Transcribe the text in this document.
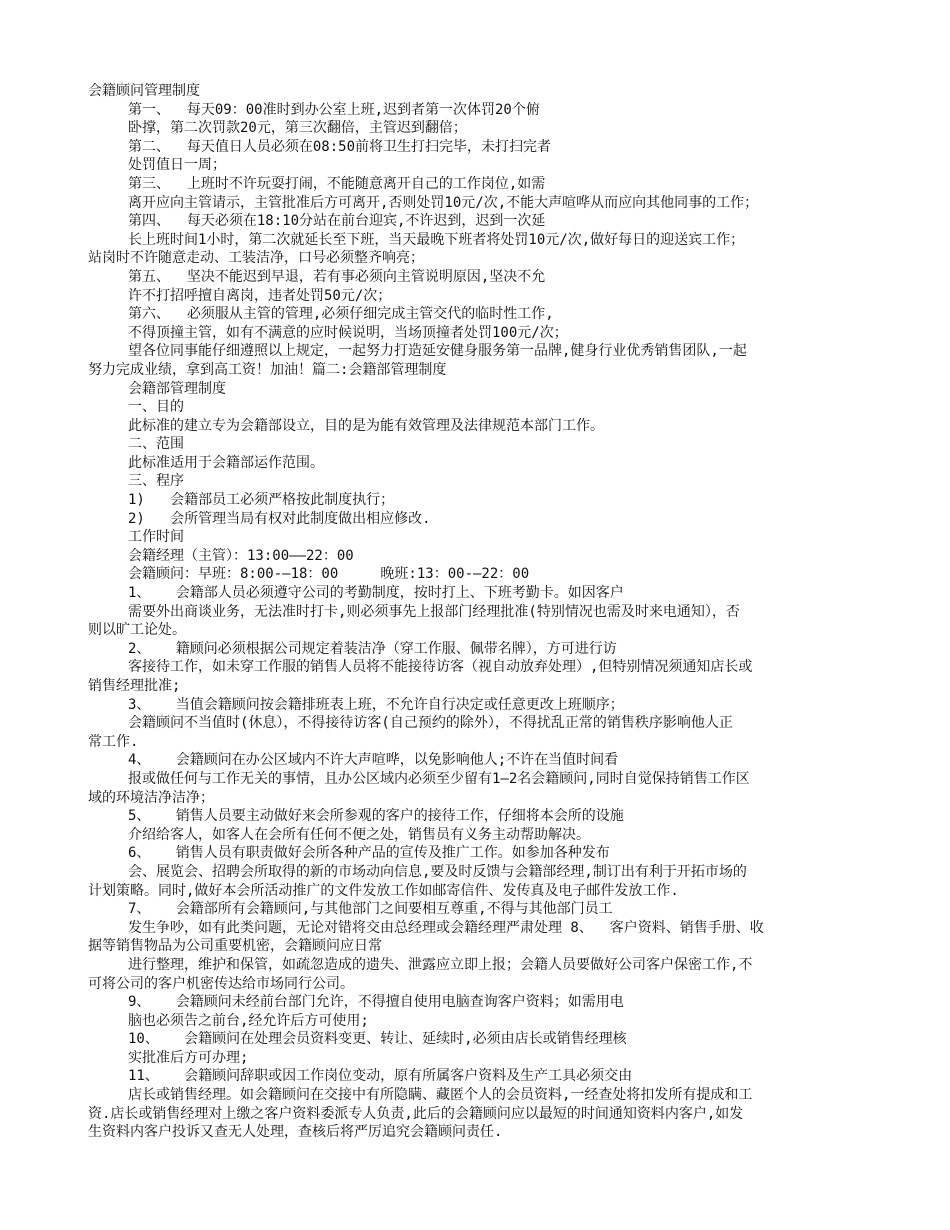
会籍顾问管理制度
第一、  每天09：00准时到办公室上班,迟到者第一次体罚20个俯
卧撑，第二次罚款20元，第三次翻倍，主管迟到翻倍；
第二、  每天值日人员必须在08:50前将卫生打扫完毕，未打扫完者
处罚值日一周；
第三、  上班时不许玩耍打闹，不能随意离开自己的工作岗位,如需
离开应向主管请示，主管批准后方可离开,否则处罚10元/次,不能大声喧哗从而应向其他同事的工作；
第四、  每天必须在18:10分站在前台迎宾,不许迟到，迟到一次延
长上班时间1小时，第二次就延长至下班，当天最晚下班者将处罚10元/次,做好每日的迎送宾工作；
站岗时不许随意走动、工装洁净，口号必须整齐响亮；
第五、  坚决不能迟到早退，若有事必须向主管说明原因,坚决不允
许不打招呼擅自离岗，违者处罚50元/次；
第六、  必须服从主管的管理,必须仔细完成主管交代的临时性工作,
不得顶撞主管，如有不满意的应时候说明，当场顶撞者处罚100元/次；
望各位同事能仔细遵照以上规定，一起努力打造延安健身服务第一品牌,健身行业优秀销售团队,一起
努力完成业绩，拿到高工资！加油！篇二:会籍部管理制度
会籍部管理制度
一、目的
此标准的建立专为会籍部设立，目的是为能有效管理及法律规范本部门工作。
二、范围
此标准适用于会籍部运作范围。
三、程序
1)   会籍部员工必须严格按此制度执行；
2)   会所管理当局有权对此制度做出相应修改.
工作时间
会籍经理（主管）：13:00——22：00
会籍顾问：早班：8:00-—18：00     晚班:13：00-—22：00
1、   会籍部人员必须遵守公司的考勤制度，按时打上、下班考勤卡。如因客户
需要外出商谈业务，无法准时打卡,则必须事先上报部门经理批准(特别情况也需及时来电通知），否
则以旷工论处。
2、   籍顾问必须根据公司规定着装洁净（穿工作服、佩带名牌），方可进行访
客接待工作，如未穿工作服的销售人员将不能接待访客（视自动放弃处理）,但特别情况须通知店长或
销售经理批准;
3、   当值会籍顾问按会籍排班表上班，不允许自行决定或任意更改上班顺序；
会籍顾问不当值时(休息），不得接待访客(自己预约的除外），不得扰乱正常的销售秩序影响他人正
常工作.
4、   会籍顾问在办公区域内不许大声喧哗，以免影响他人;不许在当值时间看
报或做任何与工作无关的事情，且办公区域内必须至少留有1—2名会籍顾问,同时自觉保持销售工作区
域的环境洁净洁净；
5、   销售人员要主动做好来会所参观的客户的接待工作，仔细将本会所的设施
介绍给客人，如客人在会所有任何不便之处，销售员有义务主动帮助解决。
6、   销售人员有职责做好会所各种产品的宣传及推广工作。如参加各种发布
会、展览会、招聘会所取得的新的市场动向信息,要及时反馈与会籍部经理,制订出有利于开拓市场的
计划策略。同时,做好本会所活动推广的文件发放工作如邮寄信件、发传真及电子邮件发放工作.
7、   会籍部所有会籍顾问,与其他部门之间要相互尊重,不得与其他部门员工
发生争吵，如有此类问题，无论对错将交由总经理或会籍经理严肃处理 8、  客户资料、销售手册、收
据等销售物品为公司重要机密，会籍顾问应日常
进行整理，维护和保管，如疏忽造成的遗失、泄露应立即上报；会籍人员要做好公司客户保密工作,不
可将公司的客户机密传达给市场同行公司。
9、   会籍顾问未经前台部门允许，不得擅自使用电脑查询客户资料；如需用电
脑也必须告之前台,经允许后方可使用;
10、   会籍顾问在处理会员资料变更、转让、延续时,必须由店长或销售经理核
实批准后方可办理;
11、   会籍顾问辞职或因工作岗位变动，原有所属客户资料及生产工具必须交由
店长或销售经理。如会籍顾问在交接中有所隐瞒、藏匿个人的会员资料,一经查处将扣发所有提成和工
资.店长或销售经理对上缴之客户资料委派专人负责,此后的会籍顾问应以最短的时间通知资料内客户,如发
生资料内客户投诉又查无人处理，查核后将严厉追究会籍顾问责任.
